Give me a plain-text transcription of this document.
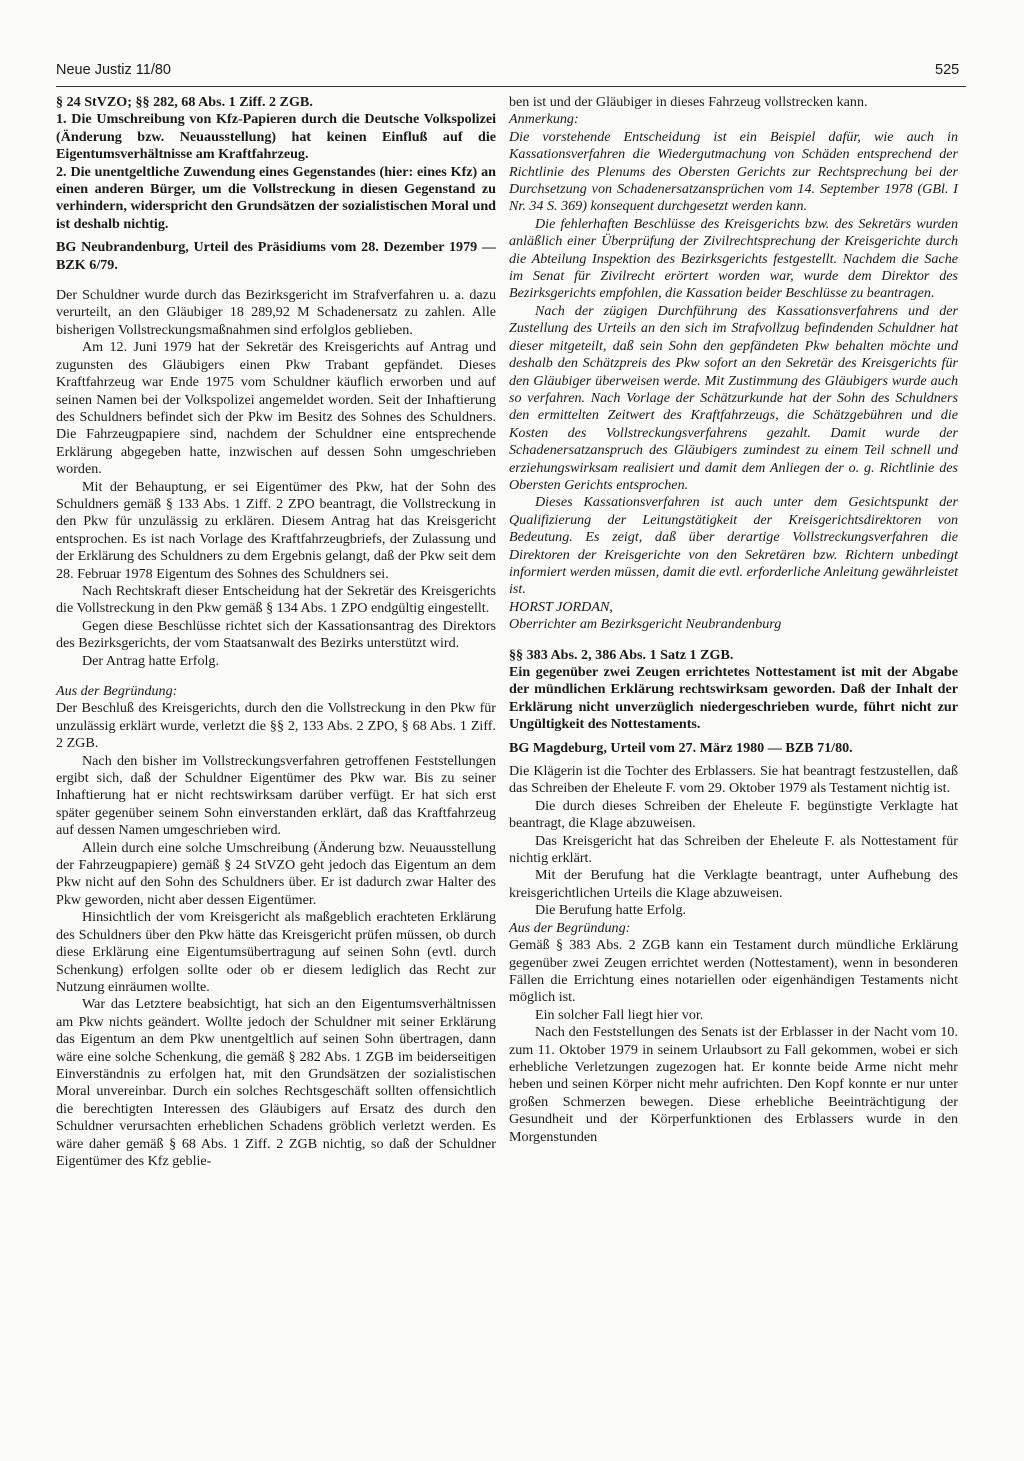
Neue Justiz 11/80	525

§ 24 StVZO; §§ 282, 68 Abs. 1 Ziff. 2 ZGB.

1. Die Umschreibung von Kfz-Papieren durch die Deutsche Volkspolizei (Änderung bzw. Neuausstellung) hat keinen Einfluß auf die Eigentumsverhältnisse am Kraftfahrzeug.

2. Die unentgeltliche Zuwendung eines Gegenstandes (hier: eines Kfz) an einen anderen Bürger, um die Vollstreckung in diesen Gegenstand zu verhindern, widerspricht den Grundsätzen der sozialistischen Moral und ist deshalb nichtig.

BG Neubrandenburg, Urteil des Präsidiums vom 28. Dezember 1979 — BZK 6/79.

Der Schuldner wurde durch das Bezirksgericht im Strafverfahren u. a. dazu verurteilt, an den Gläubiger 18 289,92 M Schadenersatz zu zahlen. Alle bisherigen Vollstreckungsmaßnahmen sind erfolglos geblieben.

Am 12. Juni 1979 hat der Sekretär des Kreisgerichts auf Antrag und zugunsten des Gläubigers einen Pkw Trabant gepfändet. Dieses Kraftfahrzeug war Ende 1975 vom Schuldner käuflich erworben und auf seinen Namen bei der Volkspolizei angemeldet worden. Seit der Inhaftierung des Schuldners befindet sich der Pkw im Besitz des Sohnes des Schuldners. Die Fahrzeugpapiere sind, nachdem der Schuldner eine entsprechende Erklärung abgegeben hatte, inzwischen auf dessen Sohn umgeschrieben worden.

Mit der Behauptung, er sei Eigentümer des Pkw, hat der Sohn des Schuldners gemäß § 133 Abs. 1 Ziff. 2 ZPO beantragt, die Vollstreckung in den Pkw für unzulässig zu erklären. Diesem Antrag hat das Kreisgericht entsprochen. Es ist nach Vorlage des Kraftfahrzeugbriefs, der Zulassung und der Erklärung des Schuldners zu dem Ergebnis gelangt, daß der Pkw seit dem 28. Februar 1978 Eigentum des Sohnes des Schuldners sei.

Nach Rechtskraft dieser Entscheidung hat der Sekretär des Kreisgerichts die Vollstreckung in den Pkw gemäß § 134 Abs. 1 ZPO endgültig eingestellt.

Gegen diese Beschlüsse richtet sich der Kassationsantrag des Direktors des Bezirksgerichts, der vom Staatsanwalt des Bezirks unterstützt wird.

Der Antrag hatte Erfolg.

Aus der Begründung:

Der Beschluß des Kreisgerichts, durch den die Vollstreckung in den Pkw für unzulässig erklärt wurde, verletzt die §§ 2, 133 Abs. 2 ZPO, § 68 Abs. 1 Ziff. 2 ZGB.

Nach den bisher im Vollstreckungsverfahren getroffenen Feststellungen ergibt sich, daß der Schuldner Eigentümer des Pkw war. Bis zu seiner Inhaftierung hat er nicht rechtswirksam darüber verfügt. Er hat sich erst später gegenüber seinem Sohn einverstanden erklärt, daß das Kraftfahrzeug auf dessen Namen umgeschrieben wird.

Allein durch eine solche Umschreibung (Änderung bzw. Neuausstellung der Fahrzeugpapiere) gemäß § 24 StVZO geht jedoch das Eigentum an dem Pkw nicht auf den Sohn des Schuldners über. Er ist dadurch zwar Halter des Pkw geworden, nicht aber dessen Eigentümer.

Hinsichtlich der vom Kreisgericht als maßgeblich erachteten Erklärung des Schuldners über den Pkw hätte das Kreisgericht prüfen müssen, ob durch diese Erklärung eine Eigentumsübertragung auf seinen Sohn (evtl. durch Schenkung) erfolgen sollte oder ob er diesem lediglich das Recht zur Nutzung einräumen wollte.

War das Letztere beabsichtigt, hat sich an den Eigentumsverhältnissen am Pkw nichts geändert. Wollte jedoch der Schuldner mit seiner Erklärung das Eigentum an dem Pkw unentgeltlich auf seinen Sohn übertragen, dann wäre eine solche Schenkung, die gemäß § 282 Abs. 1 ZGB im beiderseitigen Einverständnis zu erfolgen hat, mit den Grundsätzen der sozialistischen Moral unvereinbar. Durch ein solches Rechtsgeschäft sollten offensichtlich die berechtigten Interessen des Gläubigers auf Ersatz des durch den Schuldner verursachten erheblichen Schadens gröblich verletzt werden. Es wäre daher gemäß § 68 Abs. 1 Ziff. 2 ZGB nichtig, so daß der Schuldner Eigentümer des Kfz geblie-

ben ist und der Gläubiger in dieses Fahrzeug vollstrecken kann.

Anmerkung:

Die vorstehende Entscheidung ist ein Beispiel dafür, wie auch in Kassationsverfahren die Wiedergutmachung von Schäden entsprechend der Richtlinie des Plenums des Obersten Gerichts zur Rechtsprechung bei der Durchsetzung von Schadenersatzansprüchen vom 14. September 1978 (GBl. I Nr. 34 S. 369) konsequent durchgesetzt werden kann.

Die fehlerhaften Beschlüsse des Kreisgerichts bzw. des Sekretärs wurden anläßlich einer Überprüfung der Zivilrechtsprechung der Kreisgerichte durch die Abteilung Inspektion des Bezirksgerichts festgestellt. Nachdem die Sache im Senat für Zivilrecht erörtert worden war, wurde dem Direktor des Bezirksgerichts empfohlen, die Kassation beider Beschlüsse zu beantragen.

Nach der zügigen Durchführung des Kassationsverfahrens und der Zustellung des Urteils an den sich im Strafvollzug befindenden Schuldner hat dieser mitgeteilt, daß sein Sohn den gepfändeten Pkw behalten möchte und deshalb den Schätzpreis des Pkw sofort an den Sekretär des Kreisgerichts für den Gläubiger überweisen werde. Mit Zustimmung des Gläubigers wurde auch so verfahren. Nach Vorlage der Schätzurkunde hat der Sohn des Schuldners den ermittelten Zeitwert des Kraftfahrzeugs, die Schätzgebühren und die Kosten des Vollstreckungsverfahrens gezahlt. Damit wurde der Schadenersatzanspruch des Gläubigers zumindest zu einem Teil schnell und erziehungswirksam realisiert und damit dem Anliegen der o. g. Richtlinie des Obersten Gerichts entsprochen.

Dieses Kassationsverfahren ist auch unter dem Gesichtspunkt der Qualifizierung der Leitungstätigkeit der Kreisgerichtsdirektoren von Bedeutung. Es zeigt, daß über derartige Vollstreckungsverfahren die Direktoren der Kreisgerichte von den Sekretären bzw. Richtern unbedingt informiert werden müssen, damit die evtl. erforderliche Anleitung gewährleistet ist.

HORST JORDAN,

Oberrichter am Bezirksgericht Neubrandenburg

§§ 383 Abs. 2, 386 Abs. 1 Satz 1 ZGB.

Ein gegenüber zwei Zeugen errichtetes Nottestament ist mit der Abgabe der mündlichen Erklärung rechtswirksam geworden. Daß der Inhalt der Erklärung nicht unverzüglich niedergeschrieben wurde, führt nicht zur Ungültigkeit des Nottestaments.

BG Magdeburg, Urteil vom 27. März 1980 — BZB 71/80.

Die Klägerin ist die Tochter des Erblassers. Sie hat beantragt festzustellen, daß das Schreiben der Eheleute F. vom 29. Oktober 1979 als Testament nichtig ist.

Die durch dieses Schreiben der Eheleute F. begünstigte Verklagte hat beantragt, die Klage abzuweisen.

Das Kreisgericht hat das Schreiben der Eheleute F. als Nottestament für nichtig erklärt.

Mit der Berufung hat die Verklagte beantragt, unter Aufhebung des kreisgerichtlichen Urteils die Klage abzuweisen.

Die Berufung hatte Erfolg.

Aus der Begründung:

Gemäß § 383 Abs. 2 ZGB kann ein Testament durch mündliche Erklärung gegenüber zwei Zeugen errichtet werden (Nottestament), wenn in besonderen Fällen die Errichtung eines notariellen oder eigenhändigen Testaments nicht möglich ist.

Ein solcher Fall liegt hier vor.

Nach den Feststellungen des Senats ist der Erblasser in der Nacht vom 10. zum 11. Oktober 1979 in seinem Urlaubsort zu Fall gekommen, wobei er sich erhebliche Verletzungen zugezogen hat. Er konnte beide Arme nicht mehr heben und seinen Körper nicht mehr aufrichten. Den Kopf konnte er nur unter großen Schmerzen bewegen. Diese erhebliche Beeinträchtigung der Gesundheit und der Körperfunktionen des Erblassers wurde in den Morgenstunden
